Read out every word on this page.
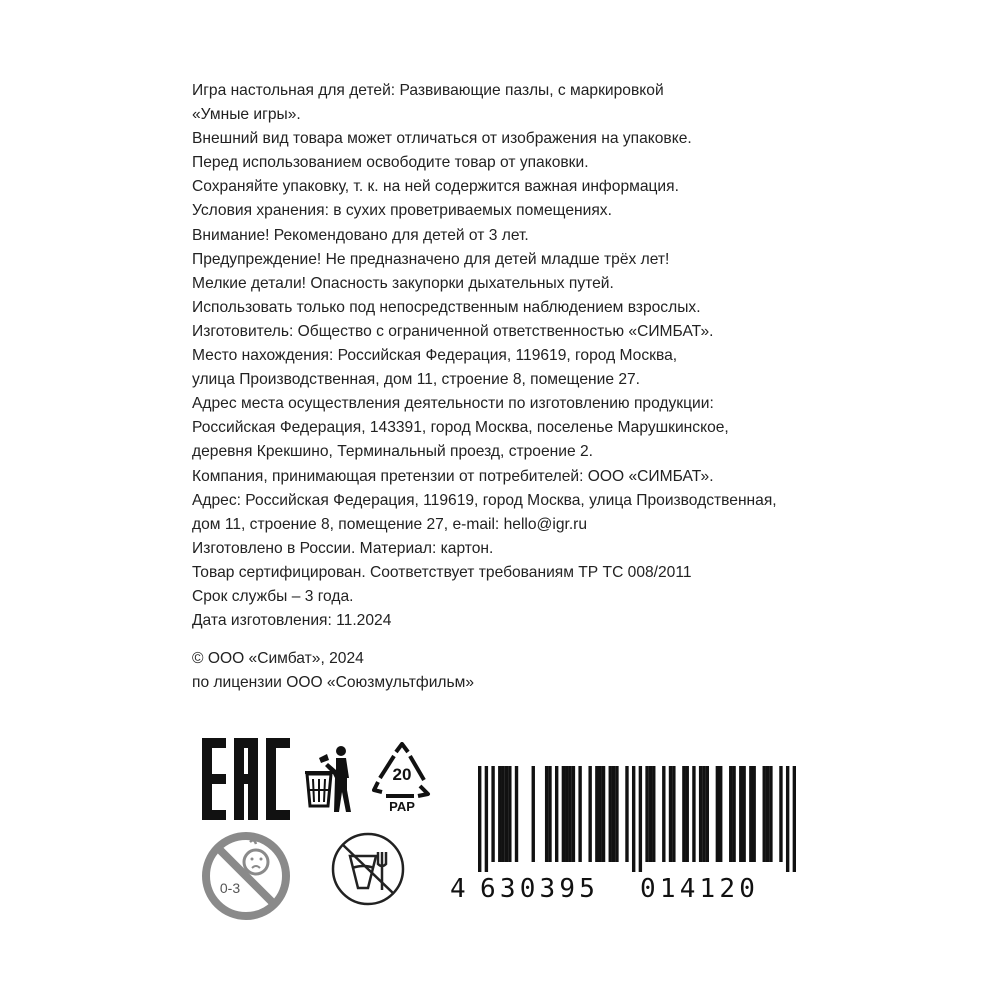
Игра настольная для детей: Развивающие пазлы, с маркировкой
«Умные игры».
Внешний вид товара может отличаться от изображения на упаковке.
Перед использованием освободите товар от упаковки.
Сохраняйте упаковку, т. к. на ней содержится важная информация.
Условия хранения: в сухих проветриваемых помещениях.
Внимание! Рекомендовано для детей от 3 лет.
Предупреждение! Не предназначено для детей младше трёх лет!
Мелкие детали! Опасность закупорки дыхательных путей.
Использовать только под непосредственным наблюдением взрослых.
Изготовитель: Общество с ограниченной ответственностью «СИМБАТ».
Место нахождения: Российская Федерация, 119619, город Москва,
улица Производственная, дом 11, строение 8, помещение 27.
Адрес места осуществления деятельности по изготовлению продукции:
Российская Федерация, 143391, город Москва, поселенье Марушкинское,
деревня Крекшино, Терминальный проезд, строение 2.
Компания, принимающая претензии от потребителей: ООО «СИМБАТ».
Адрес: Российская Федерация, 119619, город Москва, улица Производственная,
дом 11, строение 8, помещение 27, e-mail: hello@igr.ru
Изготовлено в России. Материал: картон.
Товар сертифицирован. Соответствует требованиям ТР ТС 008/2011
Срок службы – 3 года.
Дата изготовления: 11.2024
© ООО «Симбат», 2024
по лицензии ООО «Союзмультфильм»
20
PAP
0-3	4 630395 014120
